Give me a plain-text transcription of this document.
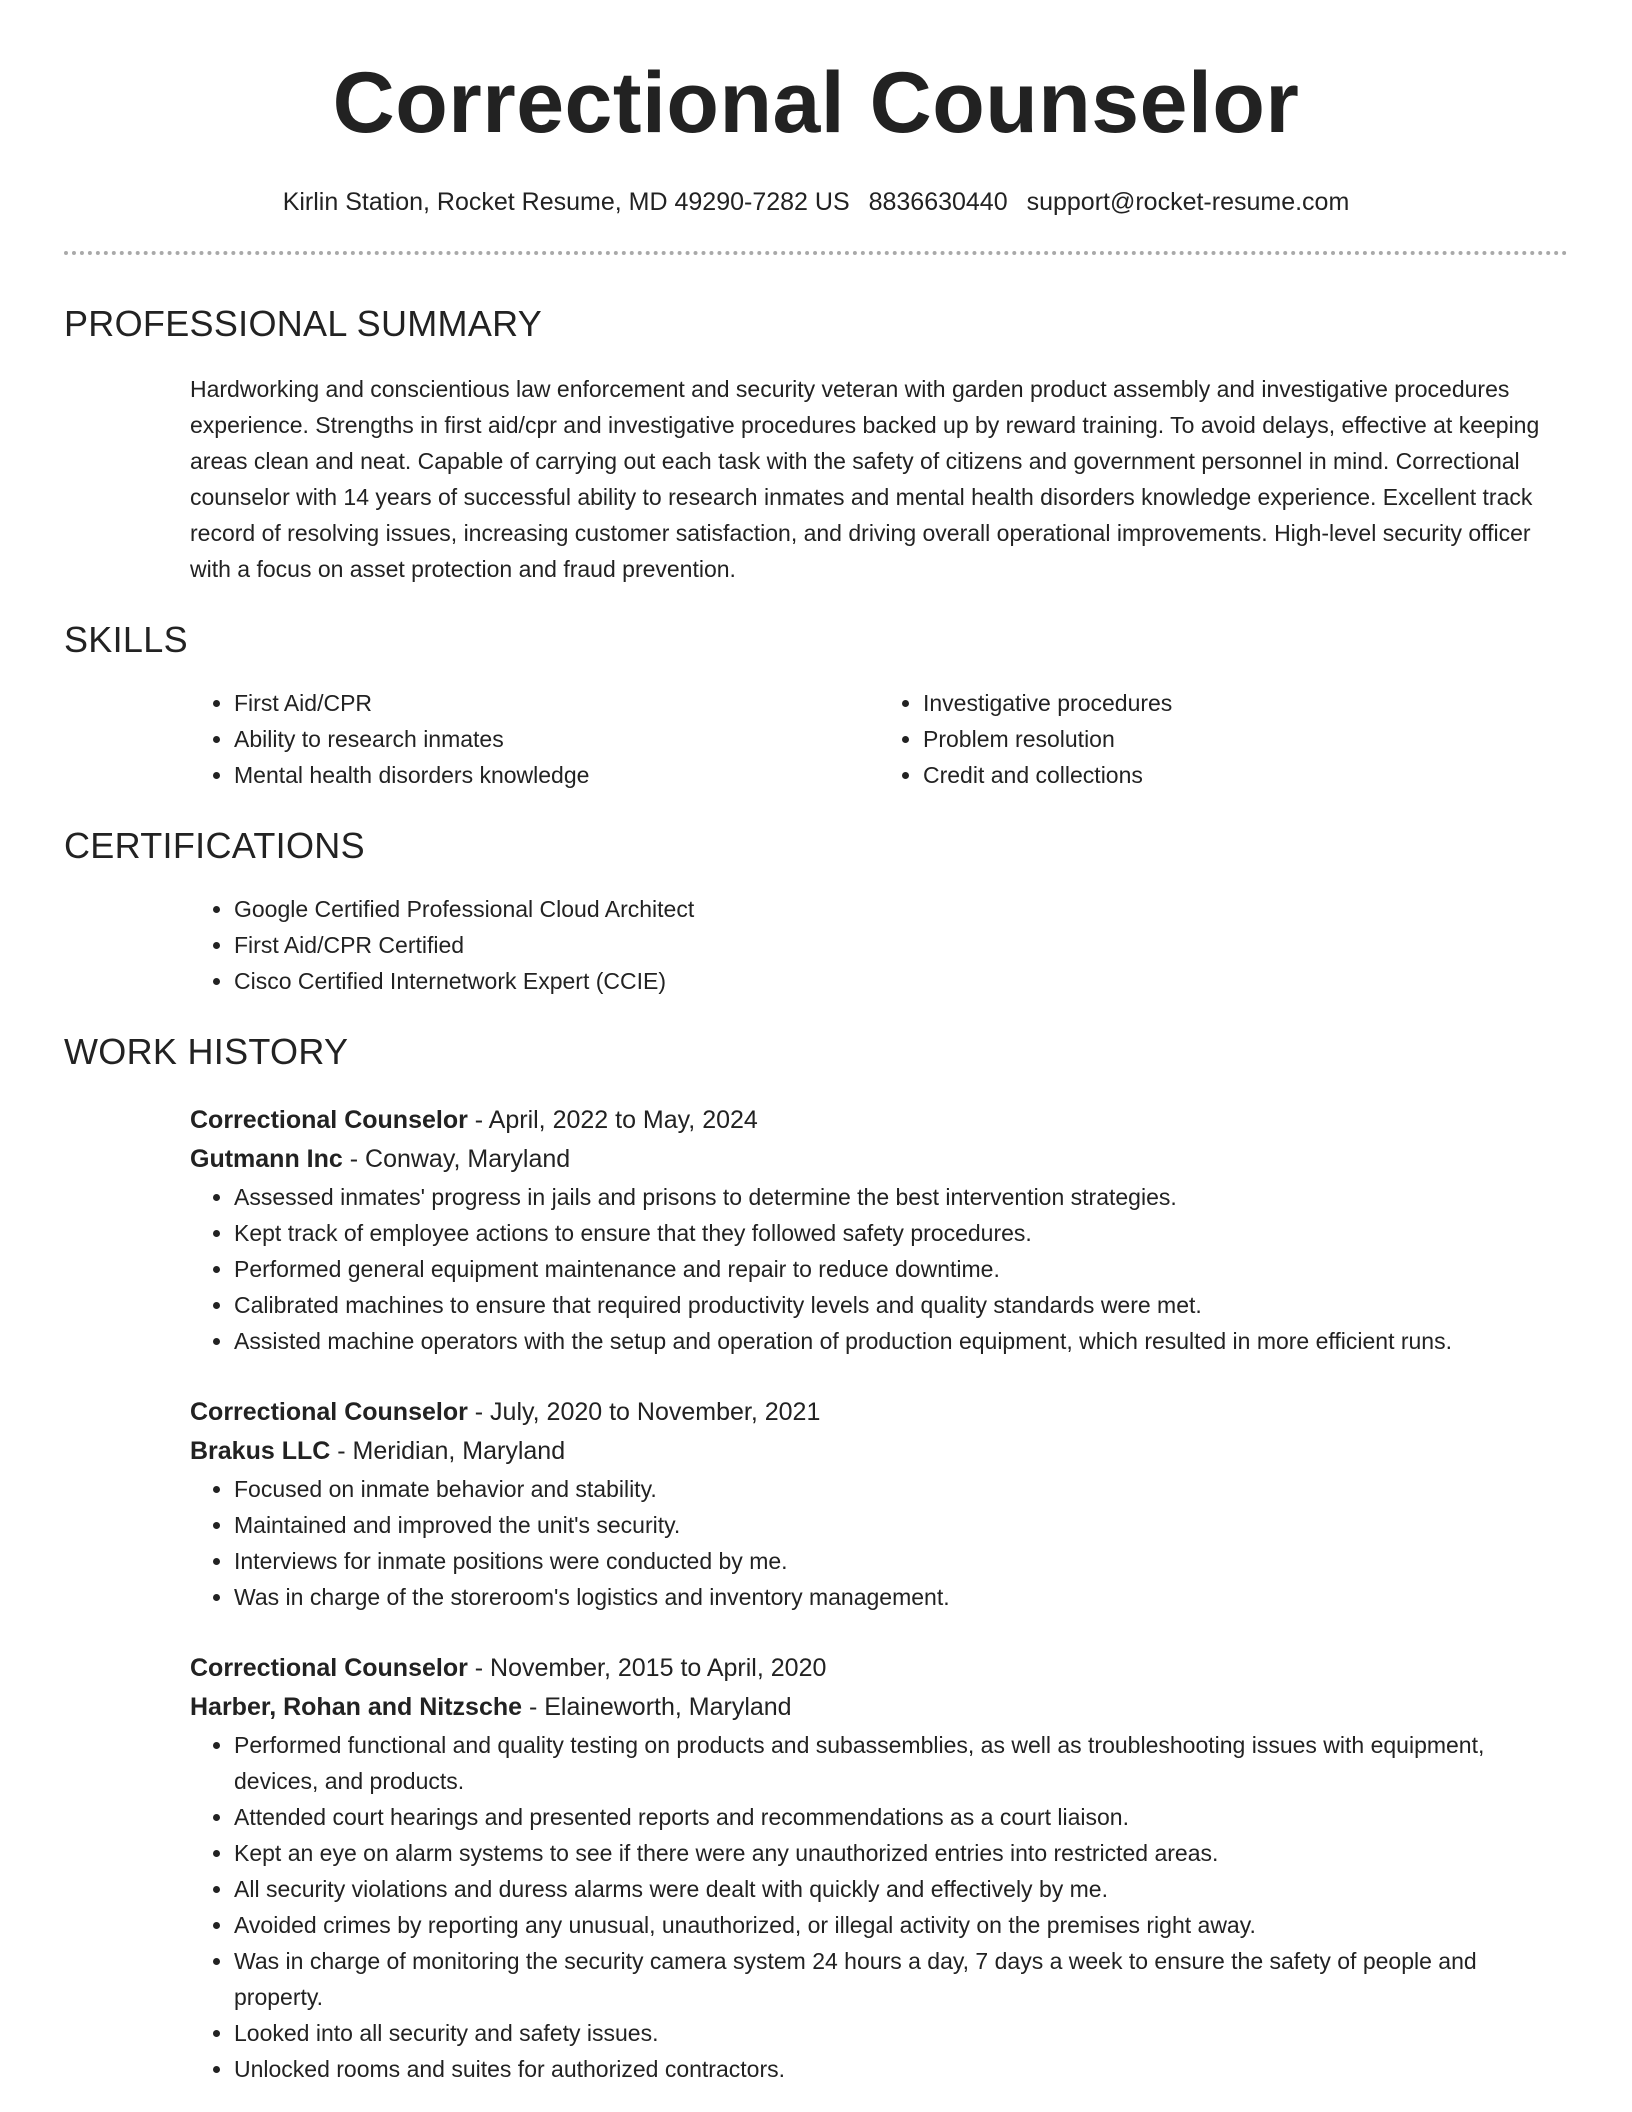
Correctional Counselor
Kirlin Station, Rocket Resume, MD 49290-7282 US 8836630440 support@rocket-resume.com
PROFESSIONAL SUMMARY

Hardworking and conscientious law enforcement and security veteran with garden product assembly and investigative procedures experience. Strengths in first aid/cpr and investigative procedures backed up by reward training. To avoid delays, effective at keeping areas clean and neat. Capable of carrying out each task with the safety of citizens and government personnel in mind. Correctional counselor with 14 years of successful ability to research inmates and mental health disorders knowledge experience. Excellent track record of resolving issues, increasing customer satisfaction, and driving overall operational improvements. High-level security officer with a focus on asset protection and fraud prevention.

SKILLS
• First Aid/CPR
• Ability to research inmates
• Mental health disorders knowledge
• Investigative procedures
• Problem resolution
• Credit and collections
CERTIFICATIONS
• Google Certified Professional Cloud Architect
• First Aid/CPR Certified
• Cisco Certified Internetwork Expert (CCIE)
WORK HISTORY
Correctional Counselor - April, 2022 to May, 2024
Gutmann Inc - Conway, Maryland
• Assessed inmates' progress in jails and prisons to determine the best intervention strategies.
• Kept track of employee actions to ensure that they followed safety procedures.
• Performed general equipment maintenance and repair to reduce downtime.
• Calibrated machines to ensure that required productivity levels and quality standards were met.
• Assisted machine operators with the setup and operation of production equipment, which resulted in more efficient runs.
Correctional Counselor - July, 2020 to November, 2021
Brakus LLC - Meridian, Maryland
• Focused on inmate behavior and stability.
• Maintained and improved the unit's security.
• Interviews for inmate positions were conducted by me.
• Was in charge of the storeroom's logistics and inventory management.
Correctional Counselor - November, 2015 to April, 2020
Harber, Rohan and Nitzsche - Elaineworth, Maryland
• Performed functional and quality testing on products and subassemblies, as well as troubleshooting issues with equipment, devices, and products.
• Attended court hearings and presented reports and recommendations as a court liaison.
• Kept an eye on alarm systems to see if there were any unauthorized entries into restricted areas.
• All security violations and duress alarms were dealt with quickly and effectively by me.
• Avoided crimes by reporting any unusual, unauthorized, or illegal activity on the premises right away.
• Was in charge of monitoring the security camera system 24 hours a day, 7 days a week to ensure the safety of people and property.
• Looked into all security and safety issues.
• Unlocked rooms and suites for authorized contractors.
